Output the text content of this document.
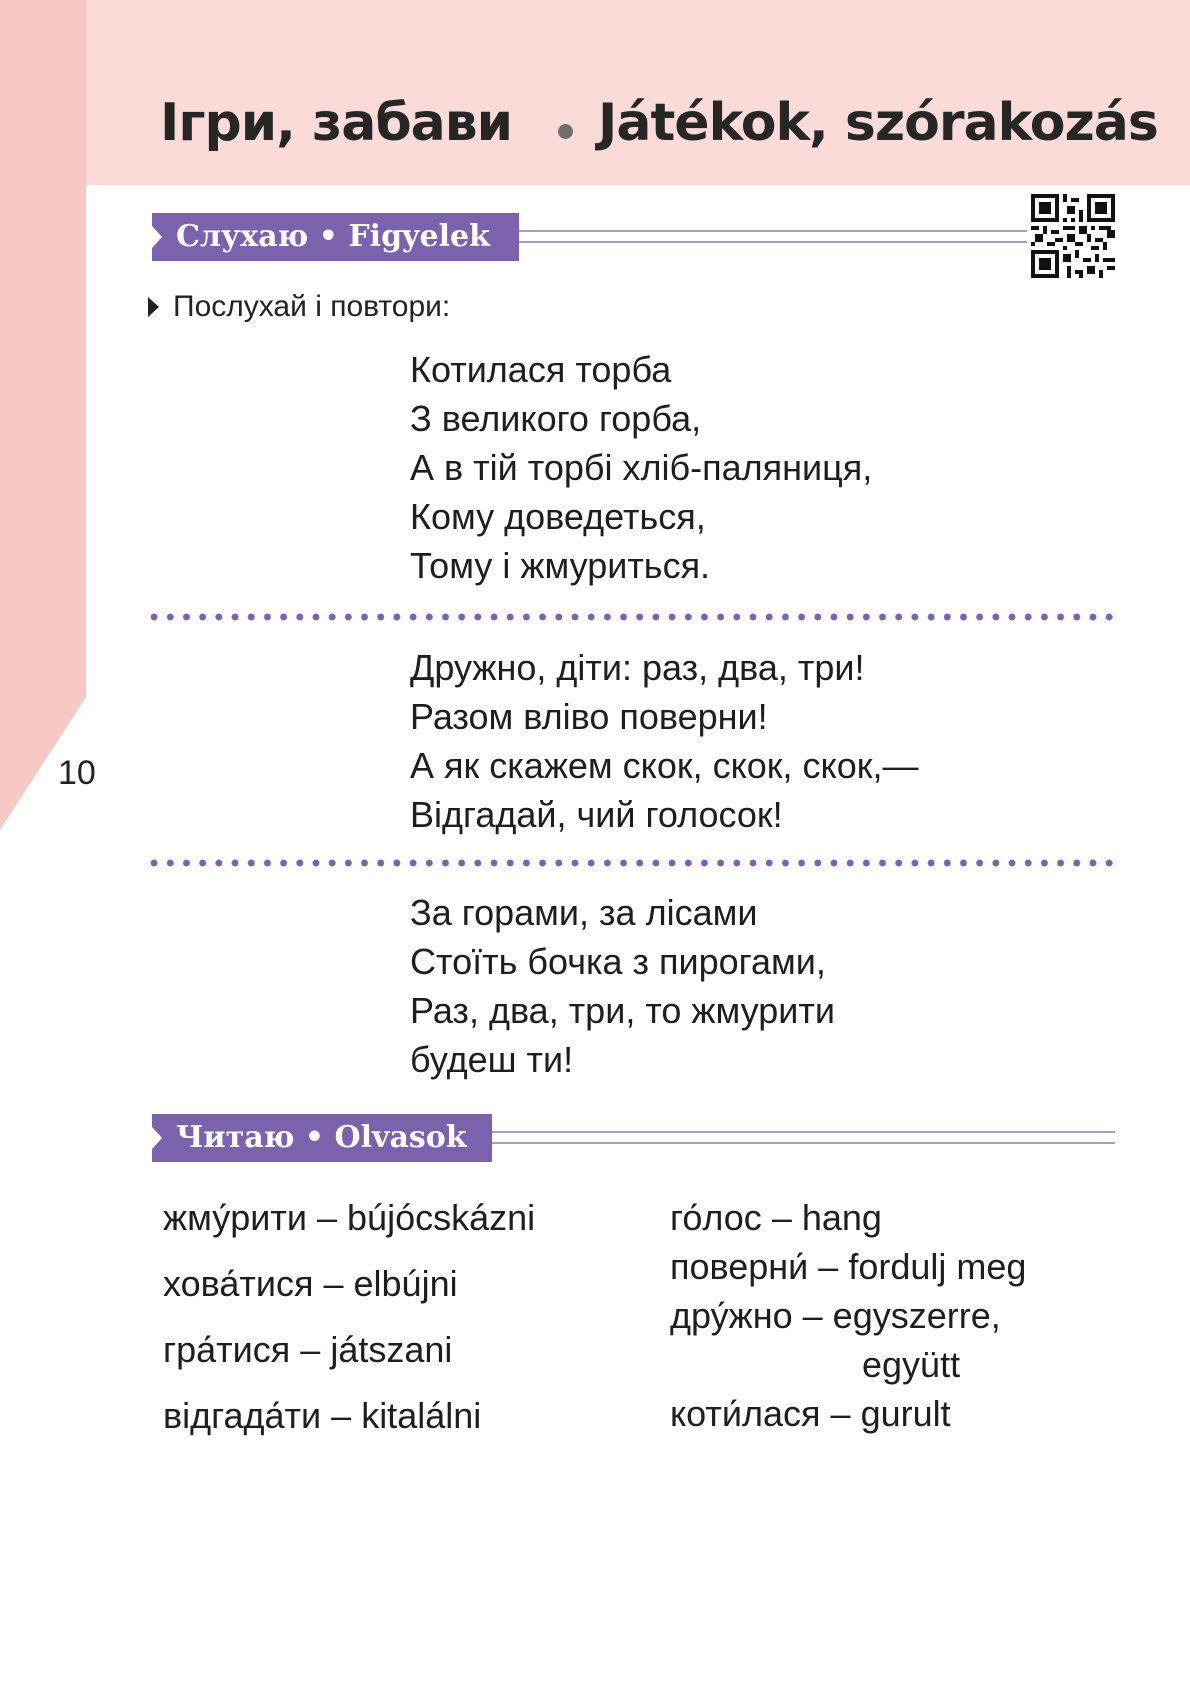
Ігри, забави Játékok, szórakozás
10
Слухаю • Figyelek
Послухай і повтори:
Котилася торба
З великого горба,
А в тій торбі хліб-паляниця,
Кому доведеться,
Тому і жмуриться.
Дружно, діти: раз, два, три!
Разом вліво поверни!
А як скажем скок, скок, скок,—
Відгадай, чий голосок!
За горами, за лісами
Стоїть бочка з пирогами,
Раз, два, три, то жмурити
будеш ти!
Читаю • Olvasok
жму́рити – bújócskázni
хова́тися – elbújni
гра́тися – játszani
відгада́ти – kitalálni
го́лос – hang
поверни́ – fordulj meg
дру́жно – egyszerre,
együtt
коти́лася – gurult
